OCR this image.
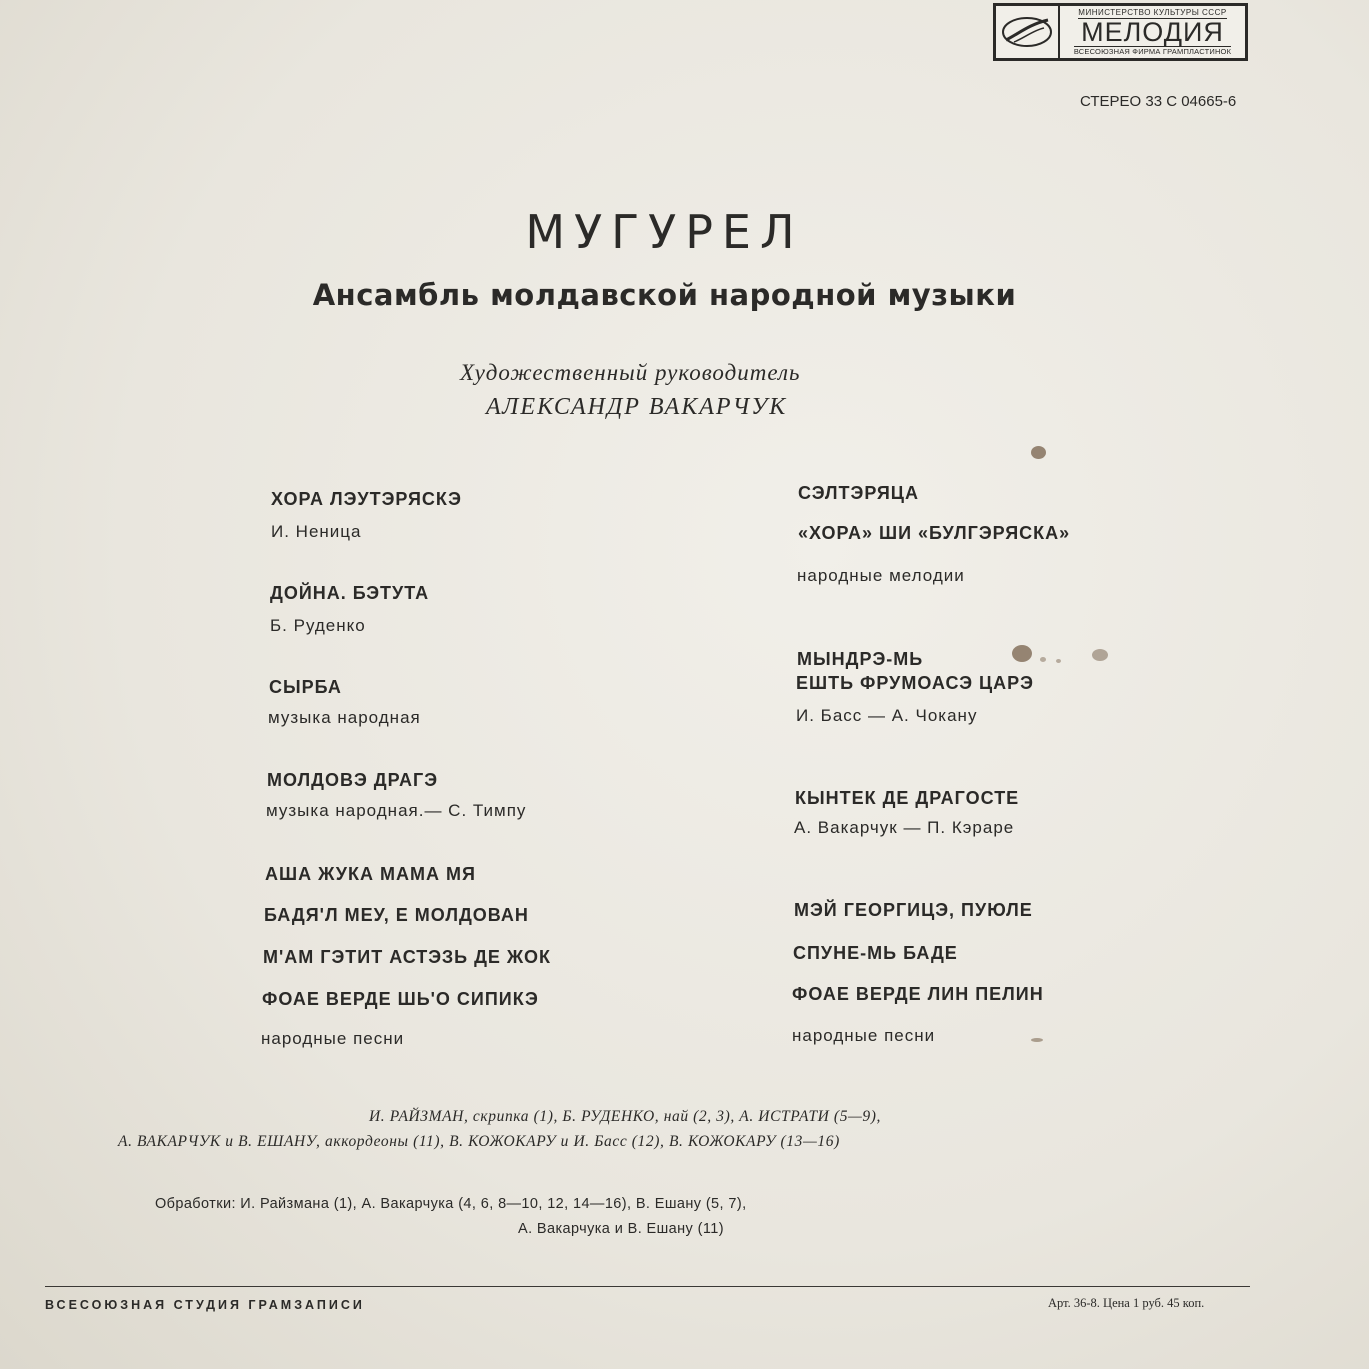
МИНИСТЕРСТВО КУЛЬТУРЫ СССР
МЕЛОДИЯ
ВСЕСОЮЗНАЯ ФИРМА ГРАМПЛАСТИНОК
СТЕРЕО 33 С 04665-6
МУГУРЕЛ
Ансамбль молдавской народной музыки
Художественный руководитель
АЛЕКСАНДР ВАКАРЧУК
ХОРА ЛЭУТЭРЯСКЭ
И. Неница
ДОЙНА. БЭТУТА
Б. Руденко
СЫРБА
музыка народная
МОЛДОВЭ ДРАГЭ
музыка народная.— С. Тимпу
АША ЖУКА МАМА МЯ
БАДЯ'Л МЕУ, Е МОЛДОВАН
М'АМ ГЭТИТ АСТЭЗЬ ДЕ ЖОК
ФОАЕ ВЕРДЕ ШЬ'О СИПИКЭ
народные песни
СЭЛТЭРЯЦА
«ХОРА» ШИ «БУЛГЭРЯСКА»
народные мелодии
МЫНДРЭ-МЬ
ЕШТЬ ФРУМОАСЭ ЦАРЭ
И. Басс — А. Чокану
КЫНТЕК ДЕ ДРАГОСТЕ
А. Вакарчук — П. Кэраре
МЭЙ ГЕОРГИЦЭ, ПУЮЛЕ
СПУНЕ-МЬ БАДЕ
ФОАЕ ВЕРДЕ ЛИН ПЕЛИН
народные песни
И. РАЙЗМАН, скрипка (1), Б. РУДЕНКО, най (2, 3), А. ИСТРАТИ (5—9),
А. ВАКАРЧУК и В. ЕШАНУ, аккордеоны (11), В. КОЖОКАРУ и И. Басс (12), В. КОЖОКАРУ (13—16)
Обработки: И. Райзмана (1), А. Вакарчука (4, 6, 8—10, 12, 14—16), В. Ешану (5, 7),
А. Вакарчука и В. Ешану (11)
ВСЕСОЮЗНАЯ СТУДИЯ ГРАМЗАПИСИ	Арт. 36-8. Цена 1 руб. 45 коп.
